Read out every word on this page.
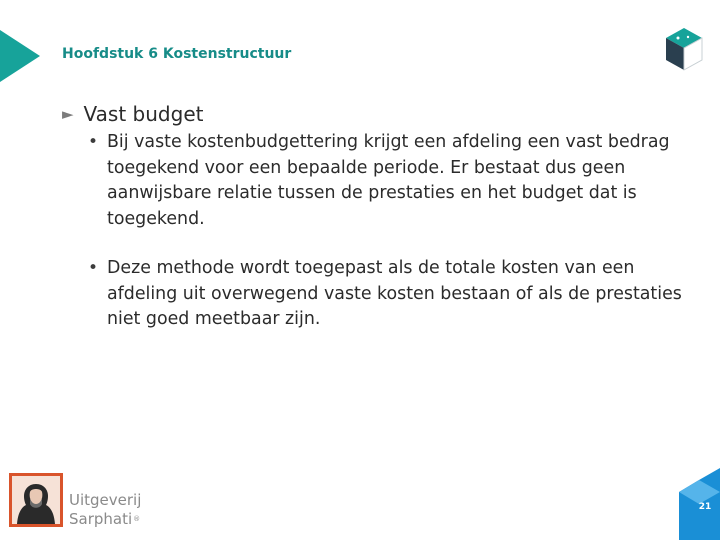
Hoofdstuk 6 Kostenstructuur
► Vast budget
• Bij vaste kostenbudgettering krijgt een afdeling een vast bedrag toegekend voor een bepaalde periode. Er bestaat dus geen aanwijsbare relatie tussen de prestaties en het budget dat is toegekend.
• Deze methode wordt toegepast als de totale kosten van een afdeling uit overwegend vaste kosten bestaan of als de prestaties niet goed meetbaar zijn.
Uitgeverij
Sarphati ®
21
